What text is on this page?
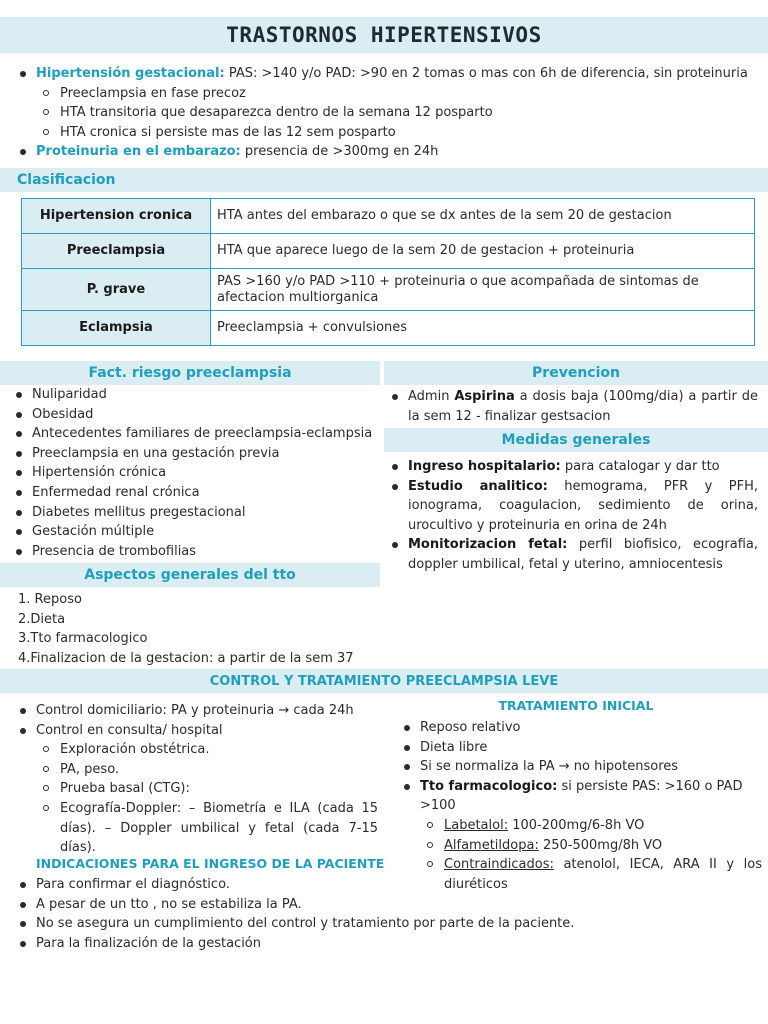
TRASTORNOS HIPERTENSIVOS
Hipertensión gestacional: PAS: >140 y/o PAD: >90 en 2 tomas o mas con 6h de diferencia, sin proteinuria
Preeclampsia en fase precoz
HTA transitoria que desaparezca dentro de la semana 12 posparto
HTA cronica si persiste mas de las 12 sem posparto
Proteinuria en el embarazo: presencia de >300mg en 24h
Clasificacion
Hipertension cronica	HTA antes del embarazo o que se dx antes de la sem 20 de gestacion
Preeclampsia	HTA que aparece luego de la sem 20 de gestacion + proteinuria
P. grave	PAS >160 y/o PAD >110 + proteinuria o que acompañada de sintomas de afectacion multiorganica
Eclampsia	Preeclampsia + convulsiones
Fact. riesgo preeclampsia
Nuliparidad
Obesidad
Antecedentes familiares de preeclampsia-eclampsia
Preeclampsia en una gestación previa
Hipertensión crónica
Enfermedad renal crónica
Diabetes mellitus pregestacional
Gestación múltiple
Presencia de trombofilias
Aspectos generales del tto
1. Reposo
2.Dieta
3.Tto farmacologico
4.Finalizacion de la gestacion: a partir de la sem 37
Prevencion
Admin Aspirina a dosis baja (100mg/dia) a partir de la sem 12 - finalizar gestsacion
Medidas generales
Ingreso hospitalario: para catalogar y dar tto
Estudio analitico: hemograma, PFR y PFH, ionograma, coagulacion, sedimiento de orina, urocultivo y proteinuria en orina de 24h
Monitorizacion fetal: perfil biofisico, ecografia, doppler umbilical, fetal y uterino, amniocentesis
CONTROL Y TRATAMIENTO PREECLAMPSIA LEVE
Control domiciliario: PA y proteinuria → cada 24h
Control en consulta/ hospital
Exploración obstétrica.
PA, peso.
Prueba basal (CTG):
Ecografía-Doppler: – Biometría e ILA (cada 15 días). – Doppler umbilical y fetal (cada 7-15 días).
TRATAMIENTO INICIAL
Reposo relativo
Dieta libre
Si se normaliza la PA → no hipotensores
Tto farmacologico: si persiste PAS: >160 o PAD >100
Labetalol: 100-200mg/6-8h VO
Alfametildopa: 250-500mg/8h VO
Contraindicados: atenolol, IECA, ARA II y los diuréticos
INDICACIONES PARA EL INGRESO DE LA PACIENTE
Para confirmar el diagnóstico.
A pesar de un tto , no se estabiliza la PA.
No se asegura un cumplimiento del control y tratamiento por parte de la paciente.
Para la finalización de la gestación
